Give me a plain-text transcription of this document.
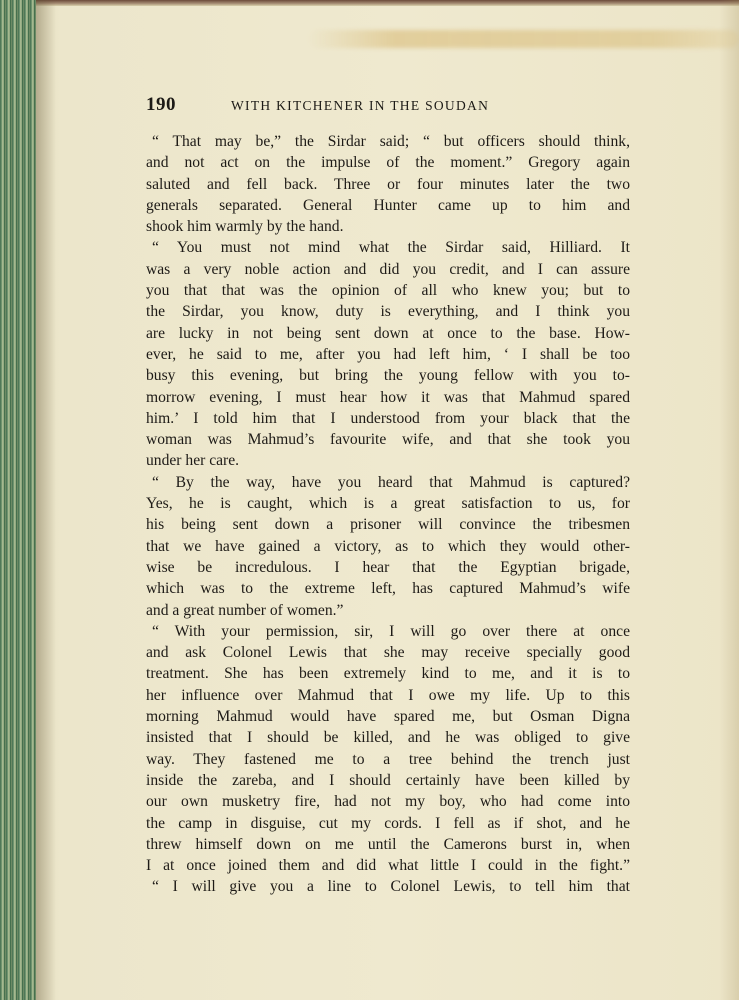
190	WITH KITCHENER IN THE SOUDAN
“ That may be,” the Sirdar said; “ but officers should think,
and not act on the impulse of the moment.” Gregory again
saluted and fell back. Three or four minutes later the two
generals separated. General Hunter came up to him and
shook him warmly by the hand.
“ You must not mind what the Sirdar said, Hilliard. It
was a very noble action and did you credit, and I can assure
you that that was the opinion of all who knew you; but to
the Sirdar, you know, duty is everything, and I think you
are lucky in not being sent down at once to the base. How-
ever, he said to me, after you had left him, ‘ I shall be too
busy this evening, but bring the young fellow with you to-
morrow evening, I must hear how it was that Mahmud spared
him.’ I told him that I understood from your black that the
woman was Mahmud’s favourite wife, and that she took you
under her care.
“ By the way, have you heard that Mahmud is captured?
Yes, he is caught, which is a great satisfaction to us, for
his being sent down a prisoner will convince the tribesmen
that we have gained a victory, as to which they would other-
wise be incredulous. I hear that the Egyptian brigade,
which was to the extreme left, has captured Mahmud’s wife
and a great number of women.”
“ With your permission, sir, I will go over there at once
and ask Colonel Lewis that she may receive specially good
treatment. She has been extremely kind to me, and it is to
her influence over Mahmud that I owe my life. Up to this
morning Mahmud would have spared me, but Osman Digna
insisted that I should be killed, and he was obliged to give
way. They fastened me to a tree behind the trench just
inside the zareba, and I should certainly have been killed by
our own musketry fire, had not my boy, who had come into
the camp in disguise, cut my cords. I fell as if shot, and he
threw himself down on me until the Camerons burst in, when
I at once joined them and did what little I could in the fight.”
“ I will give you a line to Colonel Lewis, to tell him that
